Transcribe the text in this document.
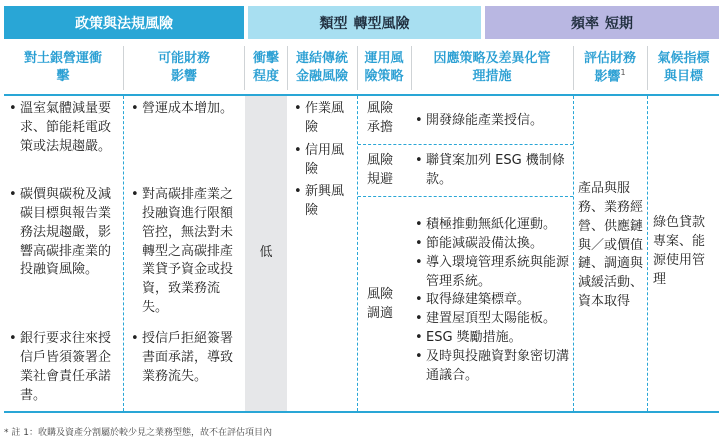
政策與法規風險	類型 轉型風險	頻率 短期
對土銀營運衝擊
可能財務影響
衝擊程度
連結傳統金融風險
運用風險策略
因應策略及差異化管理措施
評估財務影響$^1$
氣候指標與目標
• 溫室氣體減量要求、節能耗電政策或法規趨嚴。
• 碳價與碳稅及減碳目標與報告業務法規趨嚴，影響高碳排產業的投融資風險。
• 銀行要求往來授信戶皆須簽署企業社會責任承諾書。
• 營運成本增加。
• 對高碳排產業之投融資進行限額管控，無法對未轉型之高碳排產業貸予資金或投資，致業務流失。
• 授信戶拒絕簽署書面承諾，導致業務流失。
低
• 作業風險
• 信用風險
• 新興風險
風險承擔
風險規避
風險調適
• 開發綠能產業授信。
• 聯貸案加列 ESG 機制條款。
• 積極推動無紙化運動。
• 節能減碳設備汰換。
• 導入環境管理系統與能源管理系統。
• 取得綠建築標章。
• 建置屋頂型太陽能板。
• ESG 獎勵措施。
• 及時與投融資對象密切溝通議合。
產品與服務、業務經營、供應鏈與／或價值鏈、調適與減緩活動、資本取得
綠色貸款專案、能源使用管理
* 註 1：收購及資產分割屬於較少見之業務型態，故不在評估項目內
